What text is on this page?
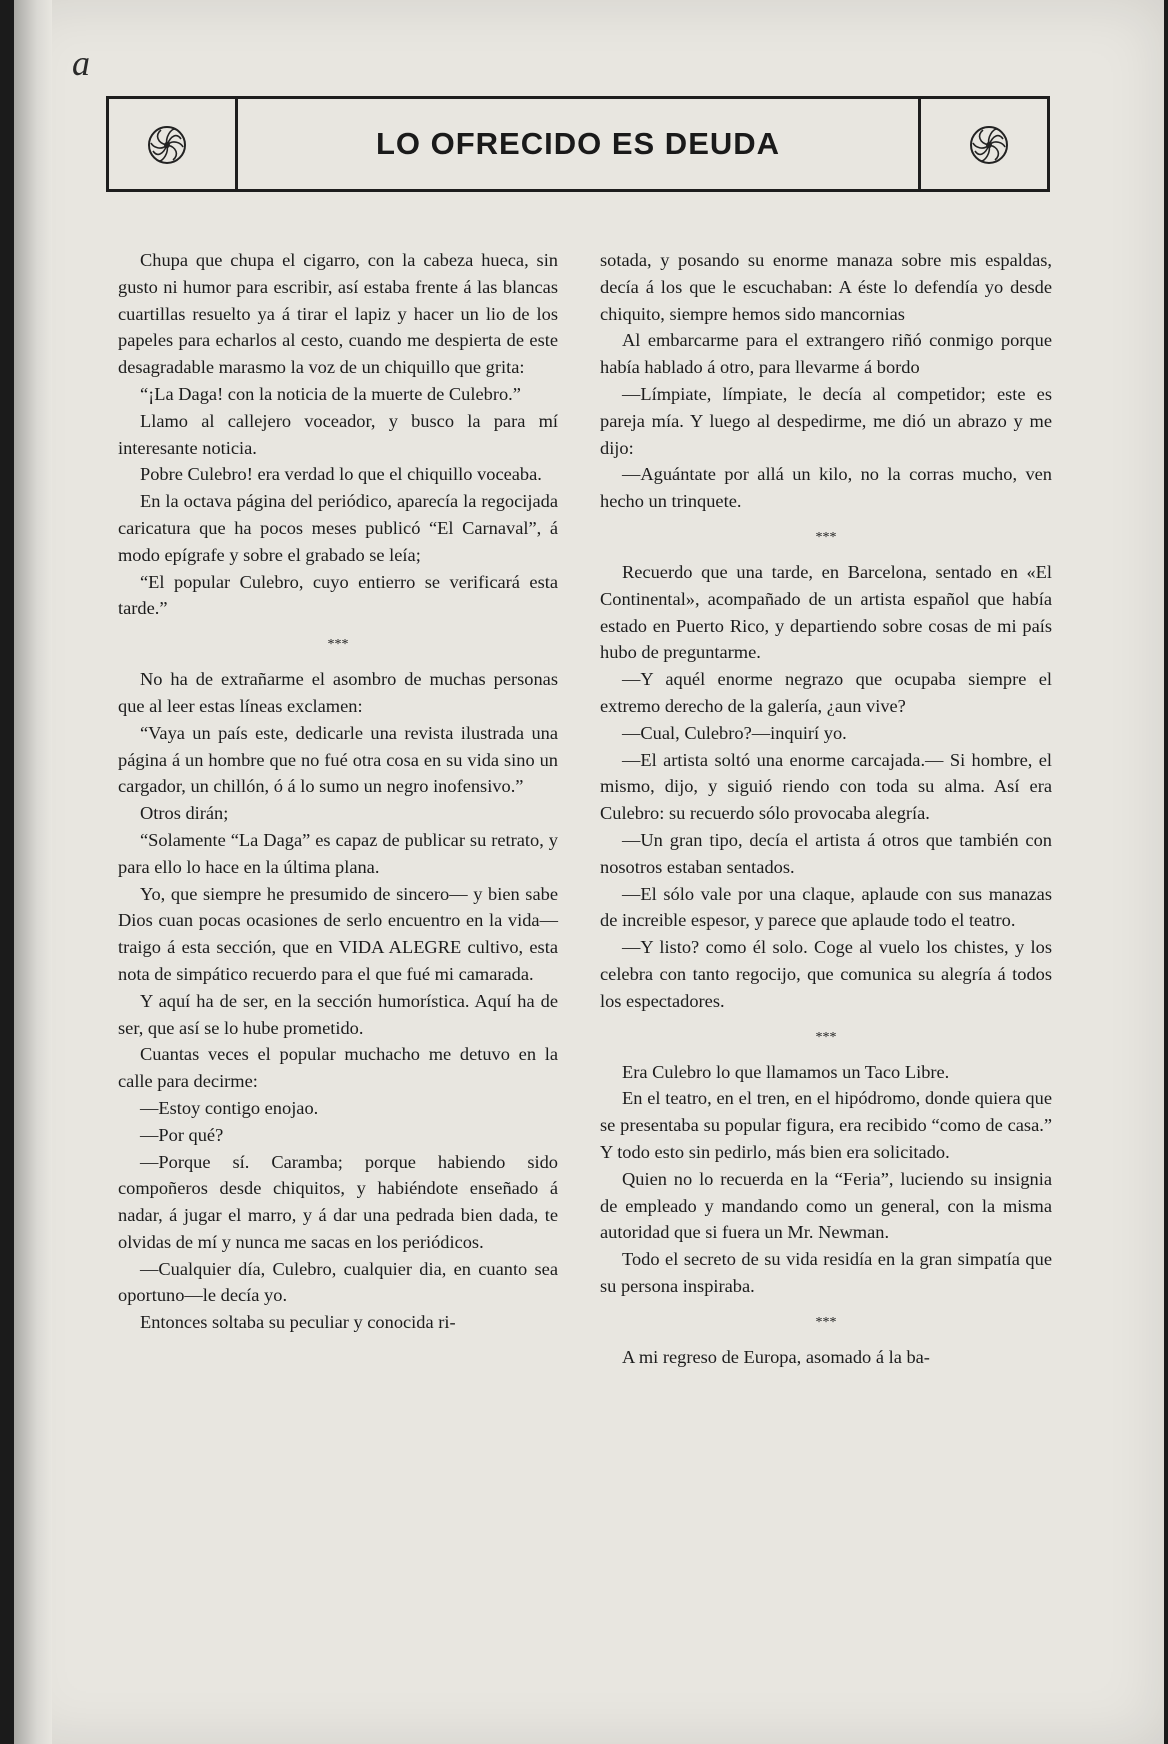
a
LO OFRECIDO ES DEUDA

Chupa que chupa el cigarro, con la cabeza hueca, sin gusto ni humor para escribir, así estaba frente á las blancas cuartillas resuelto ya á tirar el lapiz y hacer un lio de los papeles para echarlos al cesto, cuando me despierta de este desagradable marasmo la voz de un chiquillo que grita:

“¡La Daga! con la noticia de la muerte de Culebro.”

Llamo al callejero voceador, y busco la para mí interesante noticia.

Pobre Culebro! era verdad lo que el chiquillo voceaba.

En la octava página del periódico, aparecía la regocijada caricatura que ha pocos meses publicó “El Carnaval”, á modo epígrafe y sobre el grabado se leía;

“El popular Culebro, cuyo entierro se verificará esta tarde.”

***

No ha de extrañarme el asombro de muchas personas que al leer estas líneas exclamen:

“Vaya un país este, dedicarle una revista ilustrada una página á un hombre que no fué otra cosa en su vida sino un cargador, un chillón, ó á lo sumo un negro inofensivo.”

Otros dirán;

“Solamente “La Daga” es capaz de publicar su retrato, y para ello lo hace en la última plana.

Yo, que siempre he presumido de sincero— y bien sabe Dios cuan pocas ocasiones de serlo encuentro en la vida— traigo á esta sección, que en VIDA ALEGRE cultivo, esta nota de simpático recuerdo para el que fué mi camarada.

Y aquí ha de ser, en la sección humorística. Aquí ha de ser, que así se lo hube prometido.

Cuantas veces el popular muchacho me detuvo en la calle para decirme:

—Estoy contigo enojao.

—Por qué?

—Porque sí. Caramba; porque habiendo sido compoñeros desde chiquitos, y habiéndote enseñado á nadar, á jugar el marro, y á dar una pedrada bien dada, te olvidas de mí y nunca me sacas en los periódicos.

—Cualquier día, Culebro, cualquier dia, en cuanto sea oportuno—le decía yo.

Entonces soltaba su peculiar y conocida ri-

sotada, y posando su enorme manaza sobre mis espaldas, decía á los que le escuchaban: A éste lo defendía yo desde chiquito, siempre hemos sido mancornias

Al embarcarme para el extrangero riñó conmigo porque había hablado á otro, para llevarme á bordo

—Límpiate, límpiate, le decía al competidor; este es pareja mía. Y luego al despedirme, me dió un abrazo y me dijo:

—Aguántate por allá un kilo, no la corras mucho, ven hecho un trinquete.

***

Recuerdo que una tarde, en Barcelona, sentado en «El Continental», acompañado de un artista español que había estado en Puerto Rico, y departiendo sobre cosas de mi país hubo de preguntarme.

—Y aquél enorme negrazo que ocupaba siempre el extremo derecho de la galería, ¿aun vive?

—Cual, Culebro?—inquirí yo.

—El artista soltó una enorme carcajada.— Si hombre, el mismo, dijo, y siguió riendo con toda su alma. Así era Culebro: su recuerdo sólo provocaba alegría.

—Un gran tipo, decía el artista á otros que también con nosotros estaban sentados.

—El sólo vale por una claque, aplaude con sus manazas de increible espesor, y parece que aplaude todo el teatro.

—Y listo? como él solo. Coge al vuelo los chistes, y los celebra con tanto regocijo, que comunica su alegría á todos los espectadores.

***

Era Culebro lo que llamamos un Taco Libre.

En el teatro, en el tren, en el hipódromo, donde quiera que se presentaba su popular figura, era recibido “como de casa.” Y todo esto sin pedirlo, más bien era solicitado.

Quien no lo recuerda en la “Feria”, luciendo su insignia de empleado y mandando como un general, con la misma autoridad que si fuera un Mr. Newman.

Todo el secreto de su vida residía en la gran simpatía que su persona inspiraba.

***

A mi regreso de Europa, asomado á la ba-
